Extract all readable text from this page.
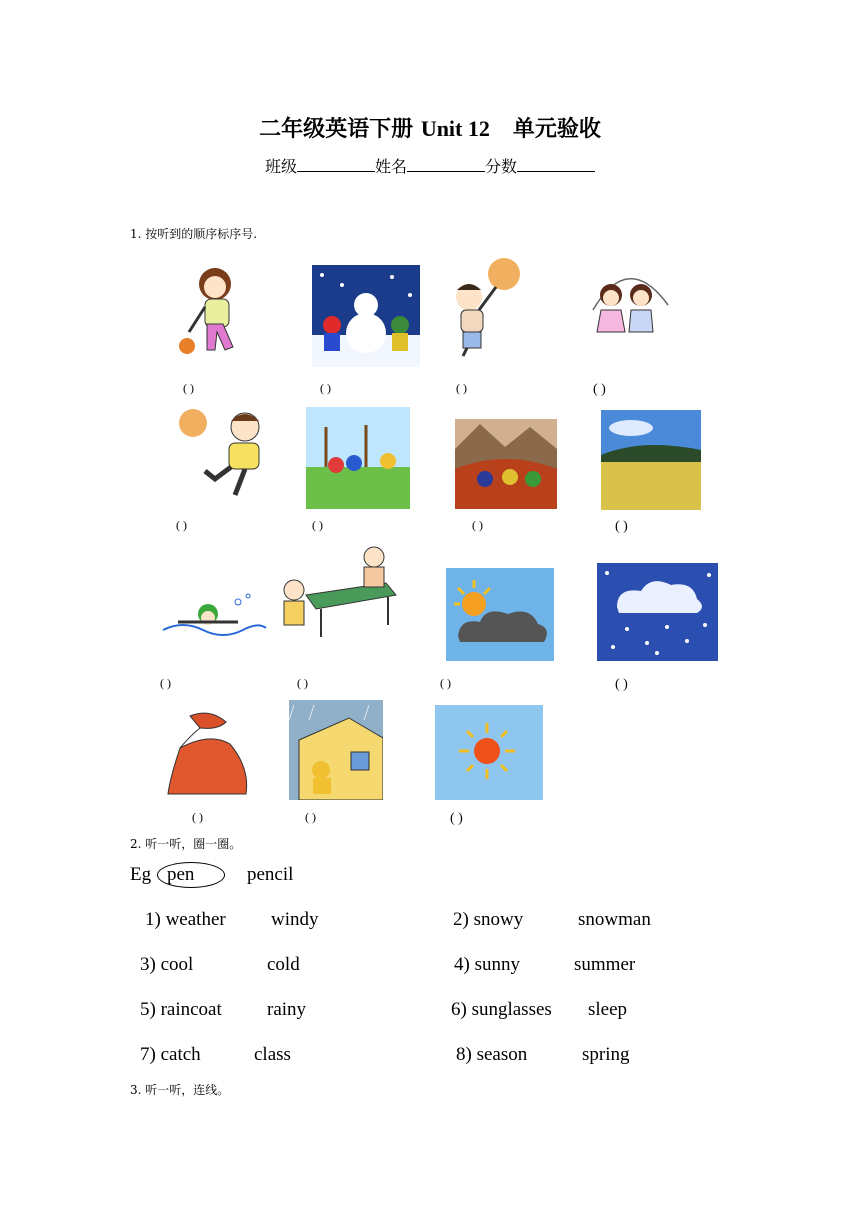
二年级英语下册 Unit 12 单元验收
班级	姓名	分数
1. 按听到的顺序标序号.
( )	( )	( )	( )
( )	( )	( )	( )
( )	( )	( )	( )
( )	( )	( )
2. 听一听，圈一圈。
Eg pen	pencil
1) weather windy	2) snowy	snowman
3) cool	cold	4) sunny	summer
5) raincoat rainy	6) sunglasses sleep
7) catch	class	8) season	spring
3. 听一听，连线。
